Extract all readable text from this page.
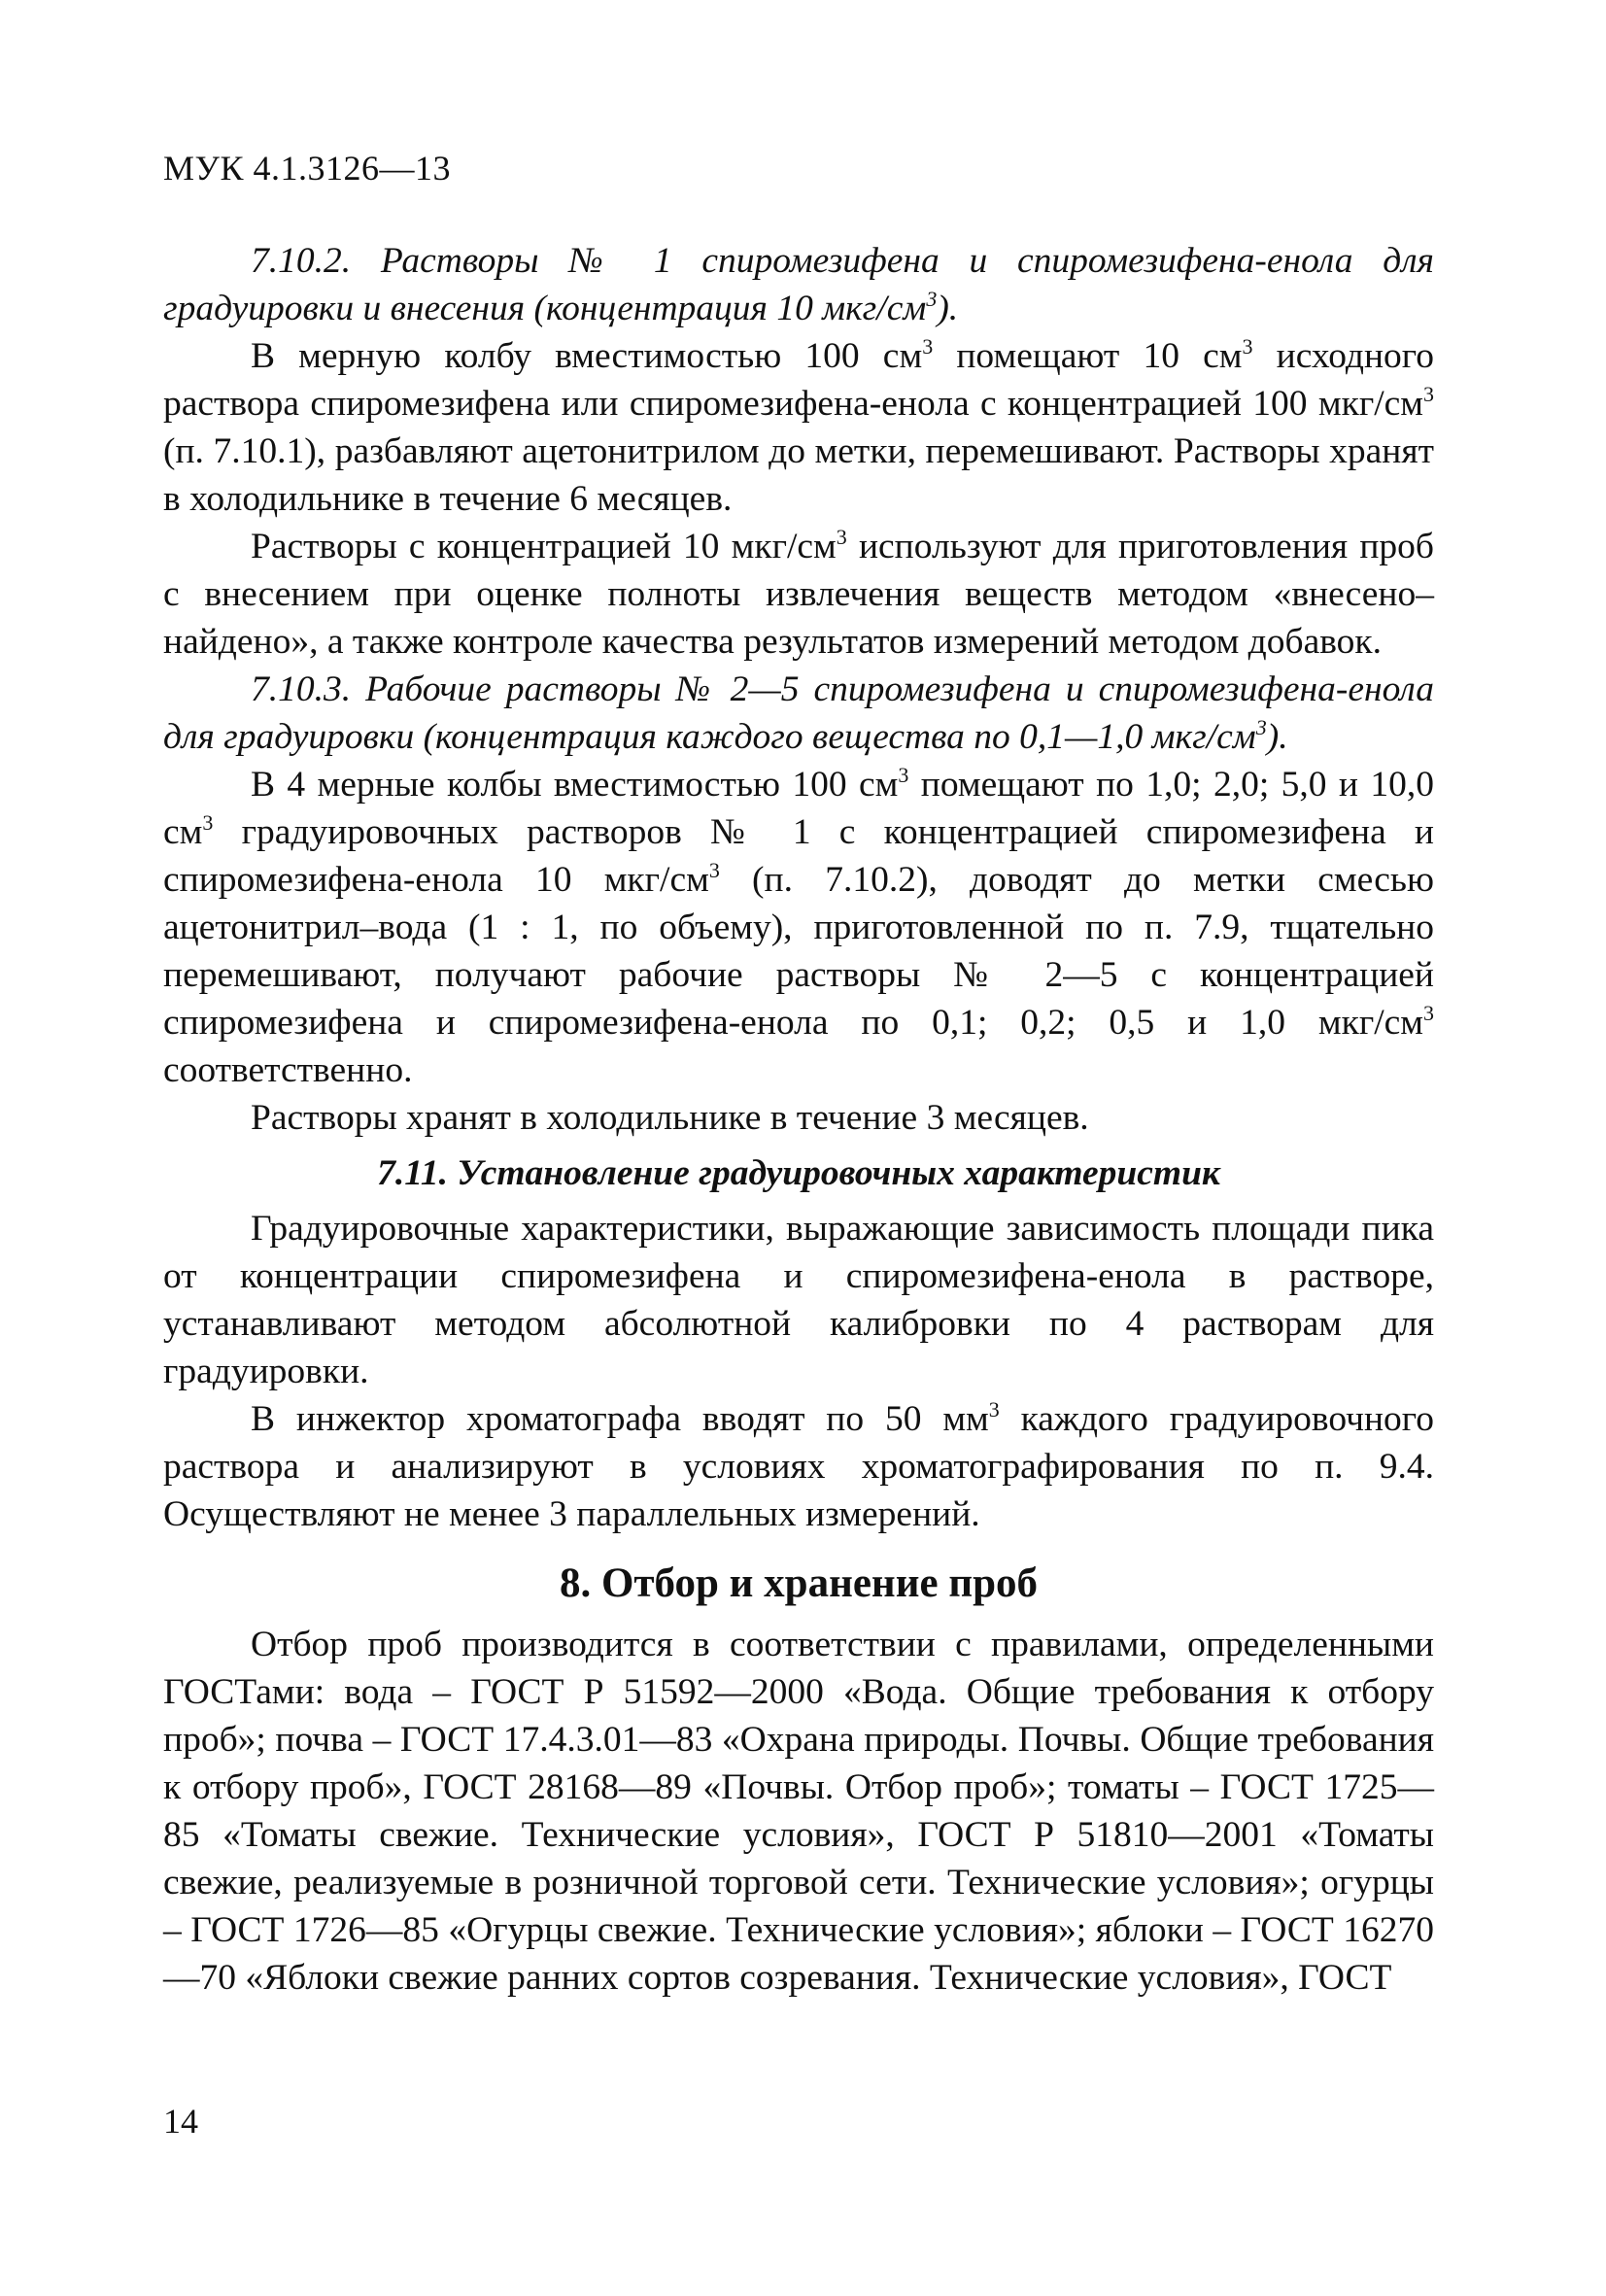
МУК 4.1.3126—13

7.10.2. Растворы № 1 спиромезифена и спиромезифена-енола для градуировки и внесения (концентрация 10 мкг/$см^3$).

В мерную колбу вместимостью 100 $см^3$ помещают 10 $см^3$ исходного раствора спиромезифена или спиромезифена-енола с концентрацией 100 мкг/$см^3$ (п. 7.10.1), разбавляют ацетонитрилом до метки, перемешивают. Растворы хранят в холодильнике в течение 6 месяцев.

Растворы с концентрацией 10 мкг/$см^3$ используют для приготовления проб с внесением при оценке полноты извлечения веществ методом «внесено–найдено», а также контроле качества результатов измерений методом добавок.

7.10.3. Рабочие растворы № 2—5 спиромезифена и спиромезифена-енола для градуировки (концентрация каждого вещества по 0,1—1,0 мкг/$см^3$).

В 4 мерные колбы вместимостью 100 $см^3$ помещают по 1,0; 2,0; 5,0 и 10,0 $см^3$ градуировочных растворов № 1 с концентрацией спиромезифена и спиромезифена-енола 10 мкг/$см^3$ (п. 7.10.2), доводят до метки смесью ацетонитрил–вода (1 : 1, по объему), приготовленной по п. 7.9, тщательно перемешивают, получают рабочие растворы № 2—5 с концентрацией спиромезифена и спиромезифена-енола по 0,1; 0,2; 0,5 и 1,0 мкг/$см^3$ соответственно.

Растворы хранят в холодильнике в течение 3 месяцев.

7.11. Установление градуировочных характеристик

Градуировочные характеристики, выражающие зависимость площади пика от концентрации спиромезифена и спиромезифена-енола в растворе, устанавливают методом абсолютной калибровки по 4 растворам для градуировки.

В инжектор хроматографа вводят по 50 $мм^3$ каждого градуировочного раствора и анализируют в условиях хроматографирования по п. 9.4. Осуществляют не менее 3 параллельных измерений.

8. Отбор и хранение проб

Отбор проб производится в соответствии с правилами, определенными ГОСТами: вода – ГОСТ Р 51592—2000 «Вода. Общие требования к отбору проб»; почва – ГОСТ 17.4.3.01—83 «Охрана природы. Почвы. Общие требования к отбору проб», ГОСТ 28168—89 «Почвы. Отбор проб»; томаты – ГОСТ 1725—85 «Томаты свежие. Технические условия», ГОСТ Р 51810—2001 «Томаты свежие, реализуемые в розничной торговой сети. Технические условия»; огурцы – ГОСТ 1726—85 «Огурцы свежие. Технические условия»; яблоки – ГОСТ 16270—70 «Яблоки свежие ранних сортов созревания. Технические условия», ГОСТ

14
